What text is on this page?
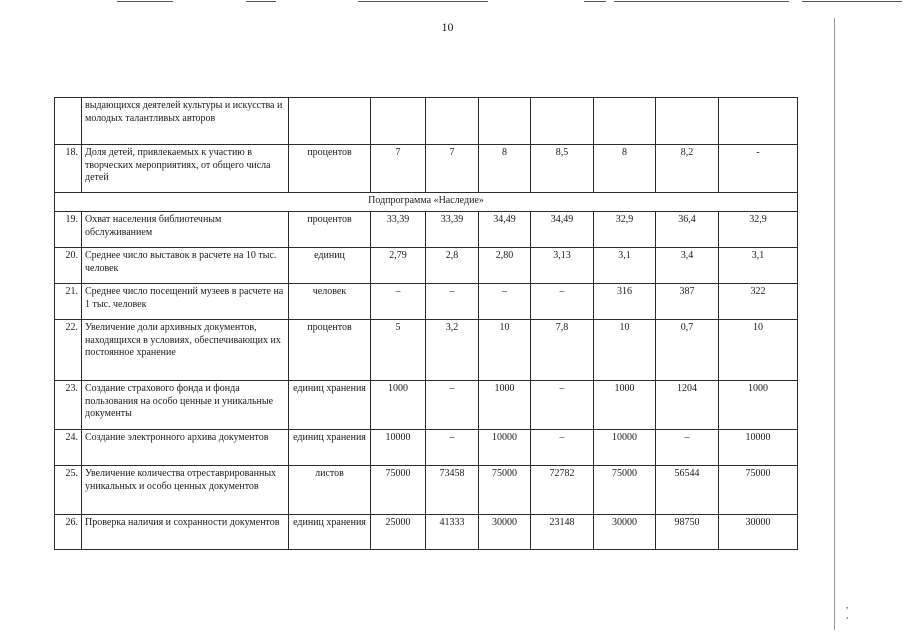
, ,
10
	выдающихся деятелей культуры и искусства и молодых талантливых авторов								
18.	Доля детей, привлекаемых к участию в творческих мероприятиях, от общего числа детей	процентов	7	7	8	8,5	8	8,2	-
Подпрограмма «Наследие»									
19.	Охват населения библиотечным обслуживанием	процентов	33,39	33,39	34,49	34,49	32,9	36,4	32,9
20.	Среднее число выставок в расчете на 10 тыс. человек	единиц	2,79	2,8	2,80	3,13	3,1	3,4	3,1
21.	Среднее число посещений музеев в расчете на 1 тыс. человек	человек	–	–	–	–	316	387	322
22.	Увеличение доли архивных документов, находящихся в условиях, обеспечивающих их постоянное хранение	процентов	5	3,2	10	7,8	10	0,7	10
23.	Создание страхового фонда и фонда пользования на особо ценные и уникальные документы	единиц хранения	1000	–	1000	–	1000	1204	1000
24.	Создание электронного архива документов	единиц хранения	10000	–	10000	–	10000	–	10000
25.	Увеличение количества отреставрированных уникальных и особо ценных документов	листов	75000	73458	75000	72782	75000	56544	75000
26.	Проверка наличия и сохранности документов	единиц хранения	25000	41333	30000	23148	30000	98750	30000
